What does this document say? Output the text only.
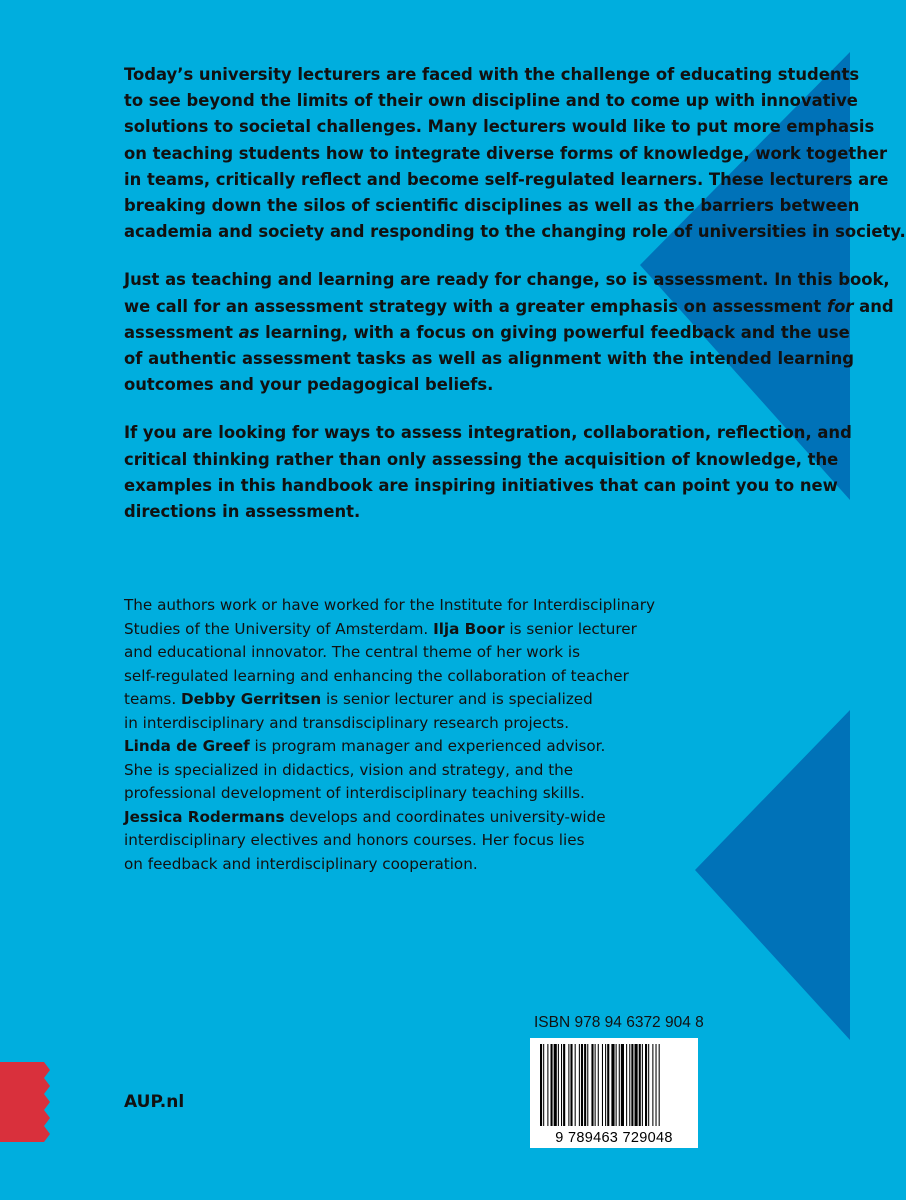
Today’s university lecturers are faced with the challenge of educating students
to see beyond the limits of their own discipline and to come up with innovative
solutions to societal challenges. Many lecturers would like to put more emphasis
on teaching students how to integrate diverse forms of knowledge, work together
in teams, critically reflect and become self-regulated learners. These lecturers are
breaking down the silos of scientific disciplines as well as the barriers between
academia and society and responding to the changing role of universities in society.

Just as teaching and learning are ready for change, so is assessment. In this book,
we call for an assessment strategy with a greater emphasis on assessment for and
assessment as learning, with a focus on giving powerful feedback and the use
of authentic assessment tasks as well as alignment with the intended learning
outcomes and your pedagogical beliefs.

If you are looking for ways to assess integration, collaboration, reflection, and
critical thinking rather than only assessing the acquisition of knowledge, the
examples in this handbook are inspiring initiatives that can point you to new
directions in assessment.

The authors work or have worked for the Institute for Interdisciplinary
Studies of the University of Amsterdam. Ilja Boor is senior lecturer
and educational innovator. The central theme of her work is
self-regulated learning and enhancing the collaboration of teacher
teams. Debby Gerritsen is senior lecturer and is specialized
in interdisciplinary and transdisciplinary research projects.
Linda de Greef is program manager and experienced advisor.
She is specialized in didactics, vision and strategy, and the
professional development of interdisciplinary teaching skills.
Jessica Rodermans develops and coordinates university-wide
interdisciplinary electives and honors courses. Her focus lies
on feedback and interdisciplinary cooperation.
ISBN 978 94 6372 904 8
9 789463 729048
AUP.nl
